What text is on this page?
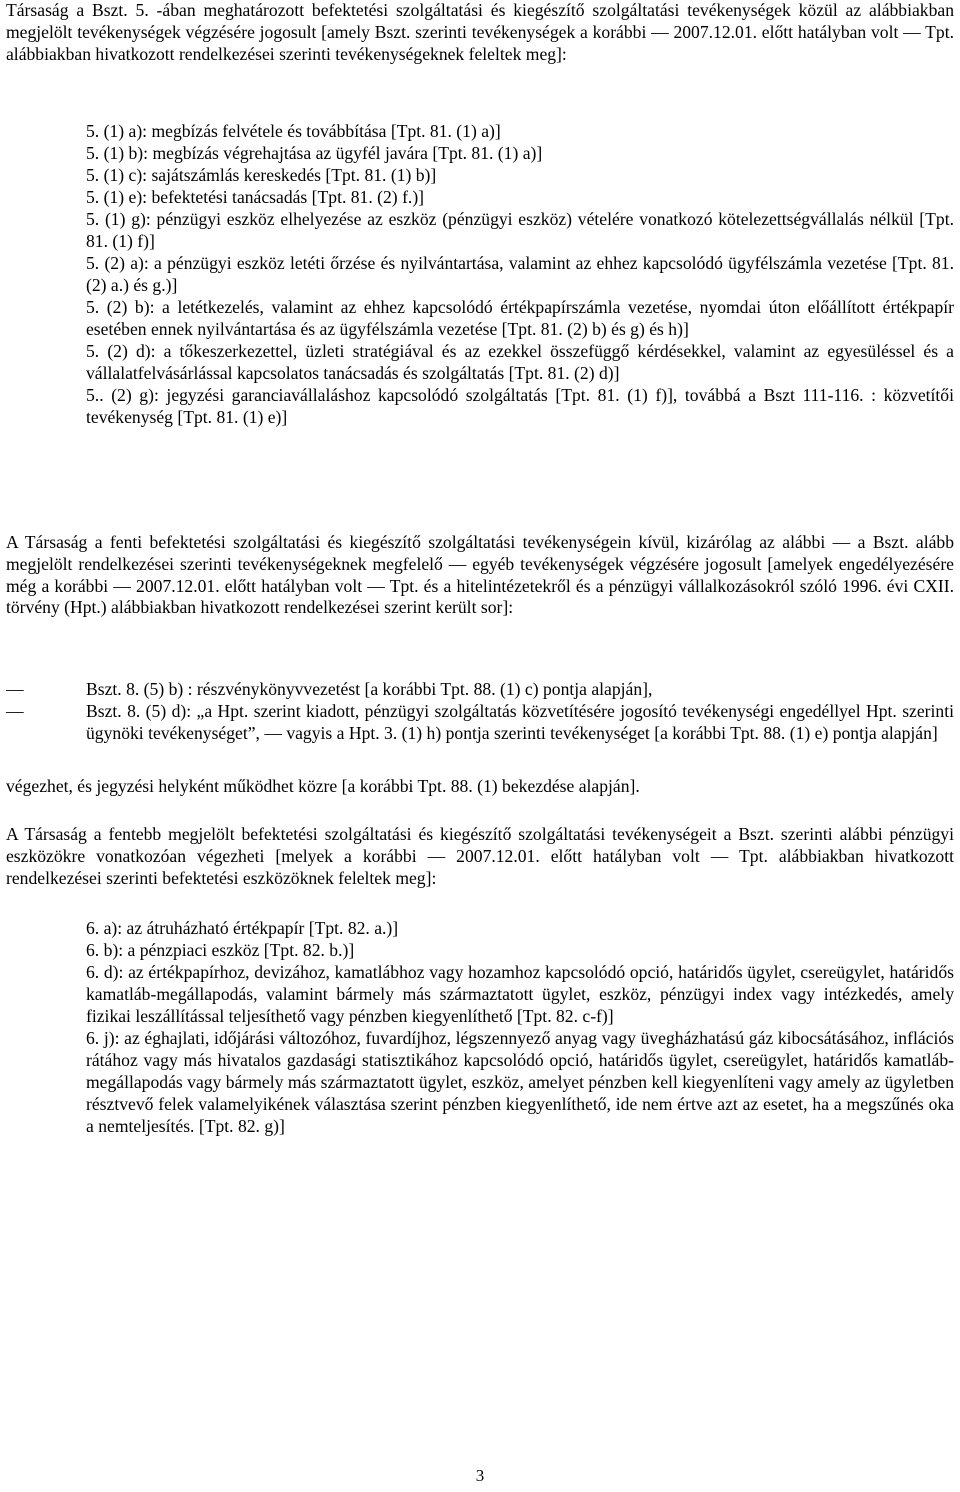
Társaság a Bszt. 5. -ában meghatározott befektetési szolgáltatási és kiegészítő szolgáltatási tevékenységek közül az alábbiakban megjelölt tevékenységek végzésére jogosult [amely Bszt. szerinti tevékenységek a korábbi ― 2007.12.01. előtt hatályban volt ― Tpt. alábbiakban hivatkozott rendelkezései szerinti tevékenységeknek feleltek meg]:

5. (1) a): megbízás felvétele és továbbítása [Tpt. 81. (1) a)]
5. (1) b): megbízás végrehajtása az ügyfél javára [Tpt. 81. (1) a)]
5. (1) c): sajátszámlás kereskedés [Tpt. 81. (1) b)]
5. (1) e): befektetési tanácsadás [Tpt. 81. (2) f.)]
5. (1) g): pénzügyi eszköz elhelyezése az eszköz (pénzügyi eszköz) vételére vonatkozó kötelezettségvállalás nélkül [Tpt. 81. (1) f)]
5. (2) a): a pénzügyi eszköz letéti őrzése és nyilvántartása, valamint az ehhez kapcsolódó ügyfélszámla vezetése [Tpt. 81. (2) a.) és g.)]
5. (2) b): a letétkezelés, valamint az ehhez kapcsolódó értékpapírszámla vezetése, nyomdai úton előállított értékpapír esetében ennek nyilvántartása és az ügyfélszámla vezetése [Tpt. 81. (2) b) és g) és h)]
5. (2) d): a tőkeszerkezettel, üzleti stratégiával és az ezekkel összefüggő kérdésekkel, valamint az egyesüléssel és a vállalatfelvásárlással kapcsolatos tanácsadás és szolgáltatás [Tpt. 81. (2) d)]
5.. (2) g): jegyzési garanciavállaláshoz kapcsolódó szolgáltatás [Tpt. 81. (1) f)], továbbá a Bszt 111-116. : közvetítői tevékenység [Tpt. 81. (1) e)]

A Társaság a fenti befektetési szolgáltatási és kiegészítő szolgáltatási tevékenységein kívül, kizárólag az alábbi ― a Bszt. alább megjelölt rendelkezései szerinti tevékenységeknek megfelelő ― egyéb tevékenységek végzésére jogosult [amelyek engedélyezésére még a korábbi ― 2007.12.01. előtt hatályban volt ― Tpt. és a hitelintézetekről és a pénzügyi vállalkozásokról szóló 1996. évi CXII. törvény (Hpt.) alábbiakban hivatkozott rendelkezései szerint került sor]:

―	Bszt. 8. (5) b) : részvénykönyvvezetést [a korábbi Tpt. 88. (1) c) pontja alapján],
―	Bszt. 8. (5) d): „a Hpt. szerint kiadott, pénzügyi szolgáltatás közvetítésére jogosító tevékenységi engedéllyel Hpt. szerinti ügynöki tevékenységet”, ― vagyis a Hpt. 3. (1) h) pontja szerinti tevékenységet [a korábbi Tpt. 88. (1) e) pontja alapján]

végezhet, és jegyzési helyként működhet közre [a korábbi Tpt. 88. (1) bekezdése alapján].

A Társaság a fentebb megjelölt befektetési szolgáltatási és kiegészítő szolgáltatási tevékenységeit a Bszt. szerinti alábbi pénzügyi eszközökre vonatkozóan végezheti [melyek a korábbi ― 2007.12.01. előtt hatályban volt ― Tpt. alábbiakban hivatkozott rendelkezései szerinti befektetési eszközöknek feleltek meg]:

6. a): az átruházható értékpapír [Tpt. 82. a.)]
6. b): a pénzpiaci eszköz [Tpt. 82. b.)]
6. d): az értékpapírhoz, devizához, kamatlábhoz vagy hozamhoz kapcsolódó opció, határidős ügylet, csereügylet, határidős kamatláb-megállapodás, valamint bármely más származtatott ügylet, eszköz, pénzügyi index vagy intézkedés, amely fizikai leszállítással teljesíthető vagy pénzben kiegyenlíthető [Tpt. 82. c-f)]
6. j): az éghajlati, időjárási változóhoz, fuvardíjhoz, légszennyező anyag vagy üvegházhatású gáz kibocsátásához, inflációs rátához vagy más hivatalos gazdasági statisztikához kapcsolódó opció, határidős ügylet, csereügylet, határidős kamatláb-megállapodás vagy bármely más származtatott ügylet, eszköz, amelyet pénzben kell kiegyenlíteni vagy amely az ügyletben résztvevő felek valamelyikének választása szerint pénzben kiegyenlíthető, ide nem értve azt az esetet, ha a megszűnés oka a nemteljesítés. [Tpt. 82. g)]
3
